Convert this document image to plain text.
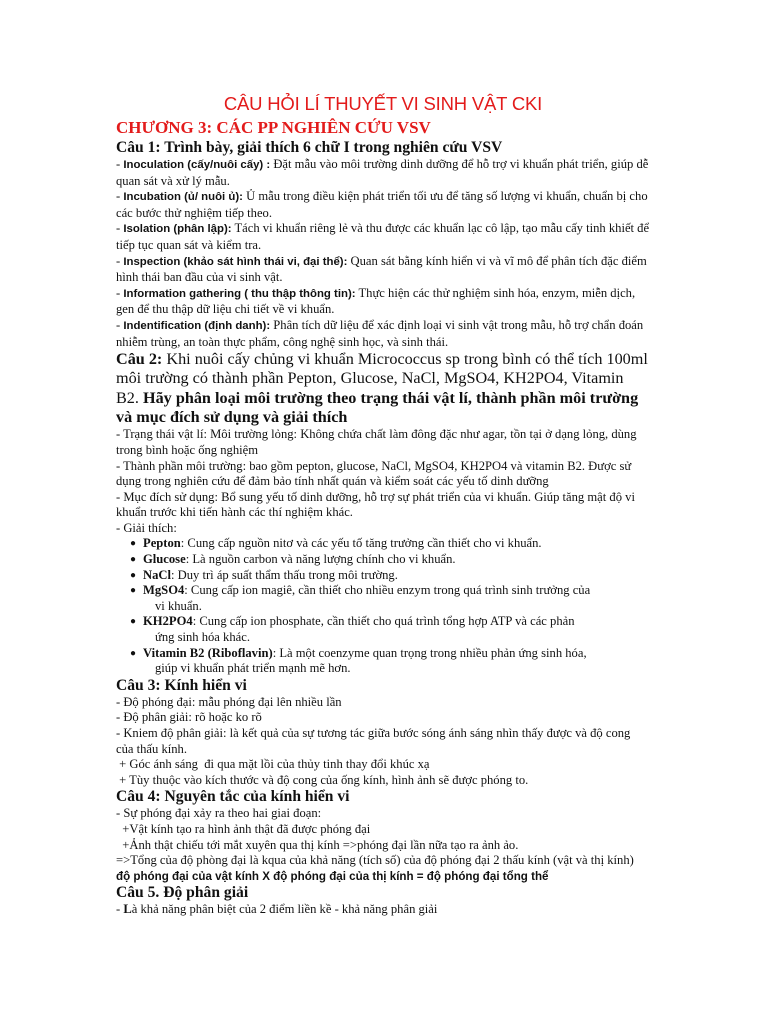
CÂU HỎI LÍ THUYẾT VI SINH VẬT CKI
CHƯƠNG 3: CÁC PP NGHIÊN CỨU VSV
Câu 1: Trình bày, giải thích 6 chữ I trong nghiên cứu VSV

- Inoculation (cấy/nuôi cấy) : Đặt mẫu vào môi trường dinh dưỡng để hỗ trợ vi khuẩn phát triển, giúp dễ quan sát và xử lý mẫu.

- Incubation (ủ/ nuôi ủ): Ủ mẫu trong điều kiện phát triển tối ưu để tăng số lượng vi khuẩn, chuẩn bị cho các bước thử nghiệm tiếp theo.

- Isolation (phân lập): Tách vi khuẩn riêng lẻ và thu được các khuẩn lạc cô lập, tạo mẫu cấy tinh khiết để tiếp tục quan sát và kiểm tra.

- Inspection (khảo sát hình thái vi, đại thể): Quan sát bằng kính hiển vi và vĩ mô để phân tích đặc điểm hình thái ban đầu của vi sinh vật.

- Information gathering ( thu thập thông tin): Thực hiện các thử nghiệm sinh hóa, enzym, miễn dịch, gen để thu thập dữ liệu chi tiết về vi khuẩn.

- Indentification (định danh): Phân tích dữ liệu để xác định loại vi sinh vật trong mẫu, hỗ trợ chẩn đoán nhiễm trùng, an toàn thực phẩm, công nghệ sinh học, và sinh thái.

Câu 2: Khi nuôi cấy chủng vi khuẩn Micrococcus sp trong bình có thể tích 100ml môi trường có thành phần Pepton, Glucose, NaCl, MgSO4, KH2PO4, Vitamin B2. Hãy phân loại môi trường theo trạng thái vật lí, thành phần môi trường và mục đích sử dụng và giải thích

- Trạng thái vật lí: Môi trường lỏng: Không chứa chất làm đông đặc như agar, tồn tại ở dạng lỏng, dùng trong bình hoặc ống nghiệm

- Thành phần môi trường: bao gồm pepton, glucose, NaCl, MgSO4, KH2PO4 và vitamin B2. Được sử dụng trong nghiên cứu để đảm bảo tính nhất quán và kiểm soát các yếu tố dinh dưỡng

- Mục đích sử dụng: Bổ sung yếu tố dinh dưỡng, hỗ trợ sự phát triển của vi khuẩn. Giúp tăng mật độ vi khuẩn trước khi tiến hành các thí nghiệm khác.

- Giải thích:

● Pepton: Cung cấp nguồn nitơ và các yếu tố tăng trưởng cần thiết cho vi khuẩn.
● Glucose: Là nguồn carbon và năng lượng chính cho vi khuẩn.
● NaCl: Duy trì áp suất thẩm thấu trong môi trường.
● MgSO4: Cung cấp ion magiê, cần thiết cho nhiều enzym trong quá trình sinh trưởng của
vi khuẩn.
● KH2PO4: Cung cấp ion phosphate, cần thiết cho quá trình tổng hợp ATP và các phản
ứng sinh hóa khác.
● Vitamin B2 (Riboflavin): Là một coenzyme quan trọng trong nhiều phản ứng sinh hóa,
giúp vi khuẩn phát triển mạnh mẽ hơn.
Câu 3: Kính hiển vi

- Độ phóng đại: mẫu phóng đại lên nhiều lần

- Độ phân giải: rõ hoặc ko rõ

- Kniem độ phân giải: là kết quả của sự tương tác giữa bước sóng ánh sáng nhìn thấy được và độ cong của thấu kính.

+ Góc ánh sáng  đi qua mặt lồi của thủy tinh thay đổi khúc xạ

+ Tùy thuộc vào kích thước và độ cong của ống kính, hình ảnh sẽ được phóng to.

Câu 4: Nguyên tắc của kính hiển vi

- Sự phóng đại xảy ra theo hai giai đoạn:

+Vật kính tạo ra hình ảnh thật đã được phóng đại

+Ảnh thật chiếu tới mắt xuyên qua thị kính =>phóng đại lần nữa tạo ra ảnh ảo.

=>Tổng của độ phòng đại là kqua của khả năng (tích số) của độ phóng đại 2 thấu kính (vật và thị kính) độ phóng đại của vật kính X độ phóng đại của thị kính = độ phóng đại tổng thể

Câu 5. Độ phân giải

- Là khả năng phân biệt của 2 điểm liền kề - khả năng phân giải
